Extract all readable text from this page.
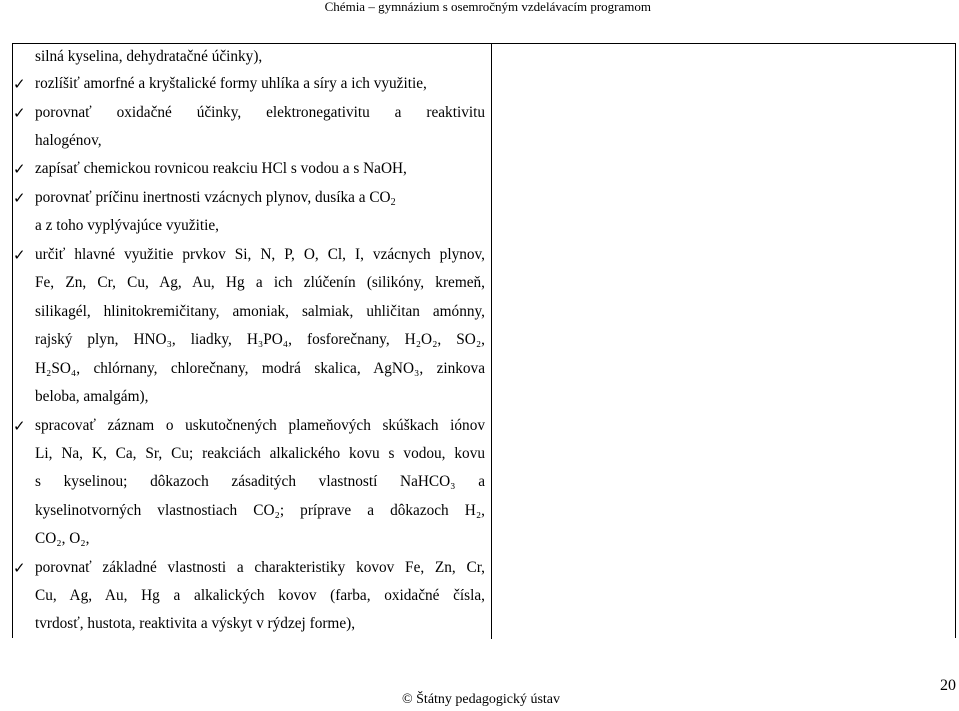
Chémia – gymnázium s osemročným vzdelávacím programom
silná kyselina, dehydratačné účinky),
✓ rozlíšiť amorfné a kryštalické formy uhlíka a síry a ich využitie,
✓ porovnať oxidačné účinky, elektronegativitu a reaktivitu
halogénov,
✓ zapísať chemickou rovnicou reakciu HCl s vodou a s NaOH,
✓ porovnať príčinu inertnosti vzácnych plynov, dusíka a $CO_2$
a z toho vyplývajúce využitie,
✓ určiť hlavné využitie prvkov Si, N, P, O, Cl, I, vzácnych plynov,
Fe, Zn, Cr, Cu, Ag, Au, Hg a ich zlúčenín (silikóny, kremeň,
silikagél, hlinitokremičitany, amoniak, salmiak, uhličitan amónny,
rajský plyn, HNO₃, liadky, H₃PO₄, fosforečnany, H₂O₂, SO₂,
H₂SO₄, chlórnany, chlorečnany, modrá skalica, AgNO₃, zinkova
beloba, amalgám),
✓ spracovať záznam o uskutočnených plameňových skúškach iónov
Li, Na, K, Ca, Sr, Cu; reakciách alkalického kovu s vodou, kovu
s kyselinou; dôkazoch zásaditých vlastností NaHCO₃ a
kyselinotvorných vlastnostiach CO₂; príprave a dôkazoch H₂,
CO₂, O₂,
✓ porovnať základné vlastnosti a charakteristiky kovov Fe, Zn, Cr,
Cu, Ag, Au, Hg a alkalických kovov (farba, oxidačné čísla,
tvrdosť, hustota, reaktivita a výskyt v rýdzej forme),
© Štátny pedagogický ústav
20
